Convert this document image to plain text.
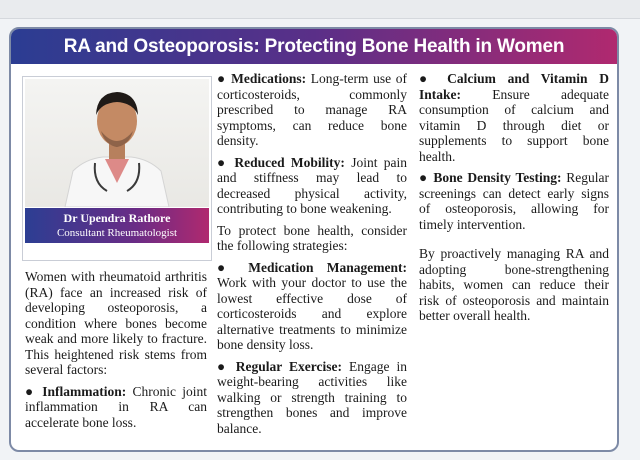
RA and Osteoporosis: Protecting Bone Health in Women
Dr Upendra Rathore
Consultant Rheumatologist

Women with rheumatoid arthritis (RA) face an increased risk of developing osteoporosis, a condition where bones become weak and more likely to fracture. This heightened risk stems from several factors:

● Inflammation: Chronic joint inflammation in RA can accelerate bone loss.

● Medications: Long-term use of corticosteroids, commonly prescribed to manage RA symptoms, can reduce bone density.

● Reduced Mobility: Joint pain and stiffness may lead to decreased physical activity, contributing to bone weakening.

To protect bone health, consider the following strategies:

● Medication Management: Work with your doctor to use the lowest effective dose of corticosteroids and explore alternative treatments to minimize bone density loss.

● Regular Exercise: Engage in weight-bearing activities like walking or strength training to strengthen bones and improve balance.

● Calcium and Vitamin D Intake: Ensure adequate consumption of calcium and vitamin D through diet or supplements to support bone health.

● Bone Density Testing: Regular screenings can detect early signs of osteoporosis, allowing for timely intervention.

By proactively managing RA and adopting bone-strengthening habits, women can reduce their risk of osteoporosis and maintain better overall health.
